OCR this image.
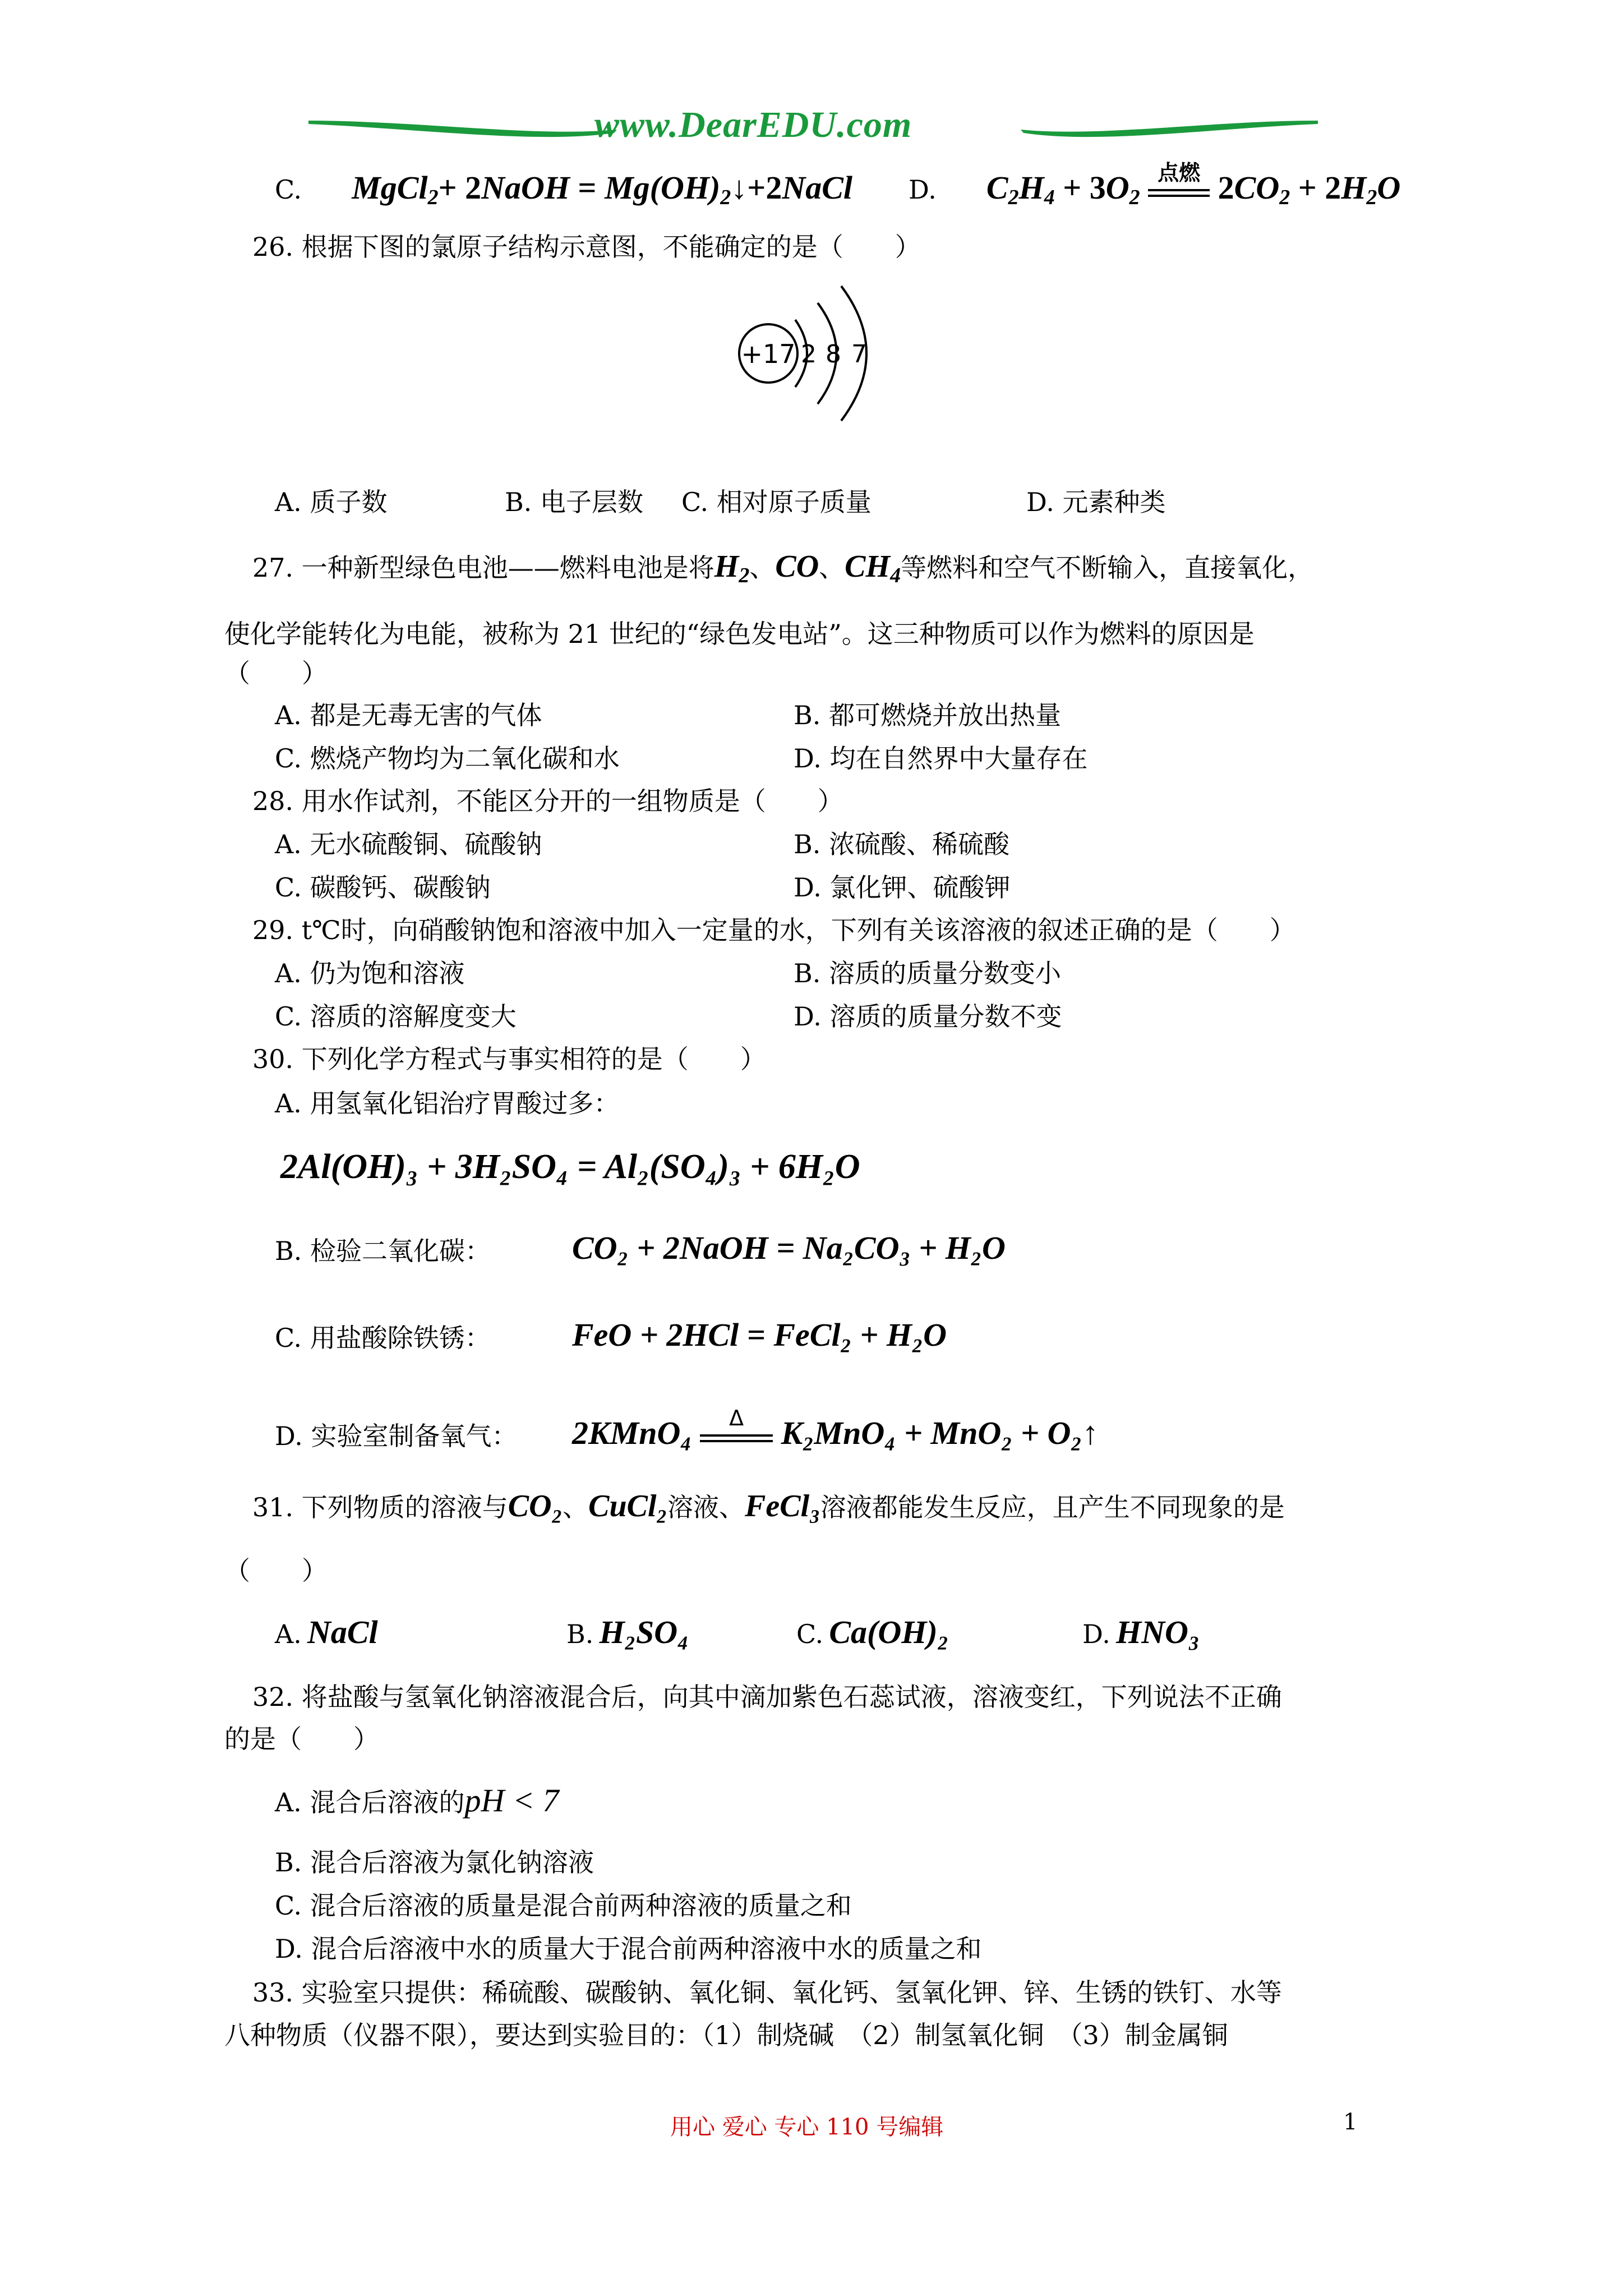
www.DearEDU.com
C. MgCl$_2$+ 2NaOH = $Mg(OH)_2↓+2NaCl$ D. $C_2H_4 + 3O_2$
点燃 $2CO_2 + 2H_2O$
26. 根据下图的氯原子结构示意图，不能确定的是（　　）
+17 2 8 7
A. 质子数	B. 电子层数 C. 相对原子质量	D. 元素种类
27. 一种新型绿色电池——燃料电池是将$H_2$、CO、$CH_4$等燃料和空气不断输入，直接氧化，
使化学能转化为电能，被称为 21 世纪的“绿色发电站”。这三种物质可以作为燃料的原因是
（　　）
A. 都是无毒无害的气体	B. 都可燃烧并放出热量
C. 燃烧产物均为二氧化碳和水	D. 均在自然界中大量存在
28. 用水作试剂，不能区分开的一组物质是（　　）
A. 无水硫酸铜、硫酸钠	B. 浓硫酸、稀硫酸
C. 碳酸钙、碳酸钠	D. 氯化钾、硫酸钾
29. t℃时，向硝酸钠饱和溶液中加入一定量的水，下列有关该溶液的叙述正确的是（　　）
A. 仍为饱和溶液	B. 溶质的质量分数变小
C. 溶质的溶解度变大	D. 溶质的质量分数不变
30. 下列化学方程式与事实相符的是（　　）
A. 用氢氧化铝治疗胃酸过多：
2Al(OH)₃ + 3H₂SO₄ = Al₂(SO₄)₃ + 6H₂O
B. 检验二氧化碳： CO₂ + 2NaOH = Na₂CO₃ + H₂O
C. 用盐酸除铁锈：	FeO + 2HCl = FeCl₂ + H₂O
D. 实验室制备氧气： 2KMnO₄	Δ	K₂MnO₄ + MnO₂ + O₂↑
31. 下列物质的溶液与CO₂、CuCl₂溶液、FeCl₃溶液都能发生反应，且产生不同现象的是
（　　）
A. NaCl	B. H₂SO₄	C. Ca(OH)₂	D. HNO₃
32. 将盐酸与氢氧化钠溶液混合后，向其中滴加紫色石蕊试液，溶液变红，下列说法不正确
的是（　　）
A. 混合后溶液的pH < 7
B. 混合后溶液为氯化钠溶液
C. 混合后溶液的质量是混合前两种溶液的质量之和
D. 混合后溶液中水的质量大于混合前两种溶液中水的质量之和
33. 实验室只提供：稀硫酸、碳酸钠、氧化铜、氧化钙、氢氧化钾、锌、生锈的铁钉、水等
八种物质（仪器不限），要达到实验目的：（1）制烧碱　（2）制氢氧化铜　（3）制金属铜
用心 爱心 专心 110 号编辑	1
